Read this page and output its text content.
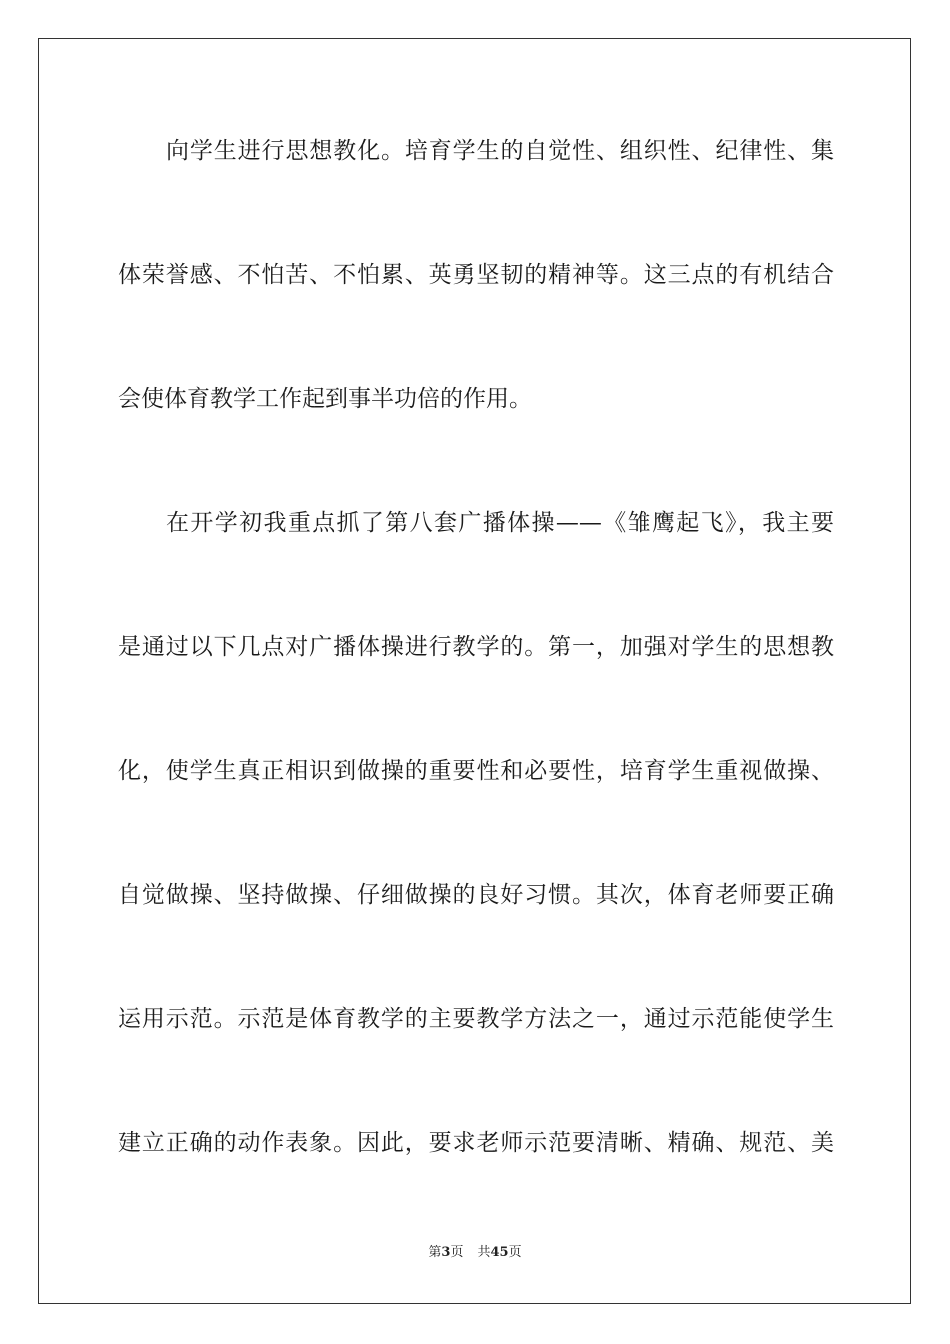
向学生进行思想教化。培育学生的自觉性、组织性、纪律性、集
体荣誉感、不怕苦、不怕累、英勇坚韧的精神等。这三点的有机结合
会使体育教学工作起到事半功倍的作用。
在开学初我重点抓了第八套广播体操——《雏鹰起飞》，我主要
是通过以下几点对广播体操进行教学的。第一，加强对学生的思想教
化，使学生真正相识到做操的重要性和必要性，培育学生重视做操、
自觉做操、坚持做操、仔细做操的良好习惯。其次，体育老师要正确
运用示范。示范是体育教学的主要教学方法之一，通过示范能使学生
建立正确的动作表象。因此，要求老师示范要清晰、精确、规范、美
第3页 共45页
